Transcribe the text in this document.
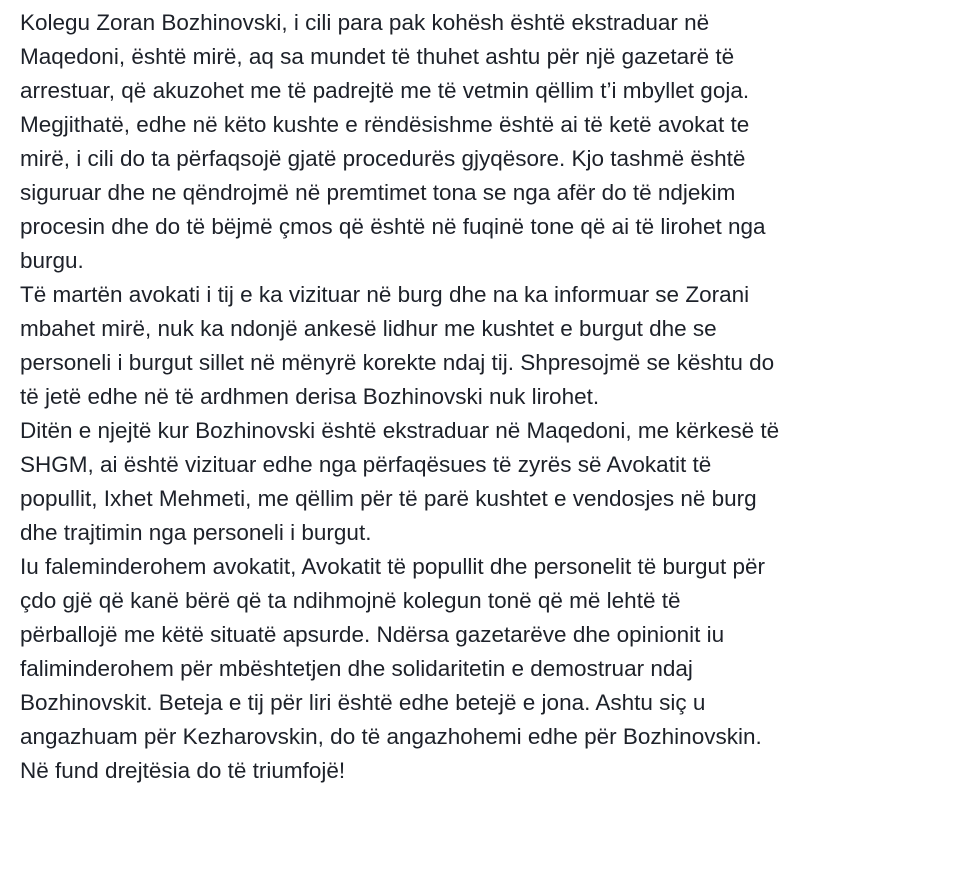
Kolegu Zoran Bozhinovski, i cili para pak kohësh është ekstraduar në
Maqedoni, është mirë, aq sa mundet të thuhet ashtu për një gazetarë të
arrestuar, që akuzohet me të padrejtë me të vetmin qëllim t’i mbyllet goja.
Megjithatë, edhe në këto kushte e rëndësishme është ai të ketë avokat te
mirë, i cili do ta përfaqsojë gjatë procedurës gjyqësore. Kjo tashmë është
siguruar dhe ne qëndrojmë në premtimet tona se nga afër do të ndjekim
procesin dhe do të bëjmë çmos që është në fuqinë tone që ai të lirohet nga
burgu.

Të martën avokati i tij e ka vizituar në burg dhe na ka informuar se Zorani
mbahet mirë, nuk ka ndonjë ankesë lidhur me kushtet e burgut dhe se
personeli i burgut sillet në mënyrë korekte ndaj tij. Shpresojmë se kështu do
të jetë edhe në të ardhmen derisa Bozhinovski nuk lirohet.

Ditën e njejtë kur Bozhinovski është ekstraduar në Maqedoni, me kërkesë të
SHGM, ai është vizituar edhe nga përfaqësues të zyrës së Avokatit të
popullit, Ixhet Mehmeti, me qëllim për të parë kushtet e vendosjes në burg
dhe trajtimin nga personeli i burgut.

Iu faleminderohem avokatit, Avokatit të popullit dhe personelit të burgut për
çdo gjë që kanë bërë që ta ndihmojnë kolegun tonë që më lehtë të
përballojë me këtë situatë apsurde. Ndërsa gazetarëve dhe opinionit iu
faliminderohem për mbështetjen dhe solidaritetin e demostruar ndaj
Bozhinovskit. Beteja e tij për liri është edhe betejë e jona. Ashtu siç u
angazhuam për Kezharovskin, do të angazhohemi edhe për Bozhinovskin.
Në fund drejtësia do të triumfojë!
